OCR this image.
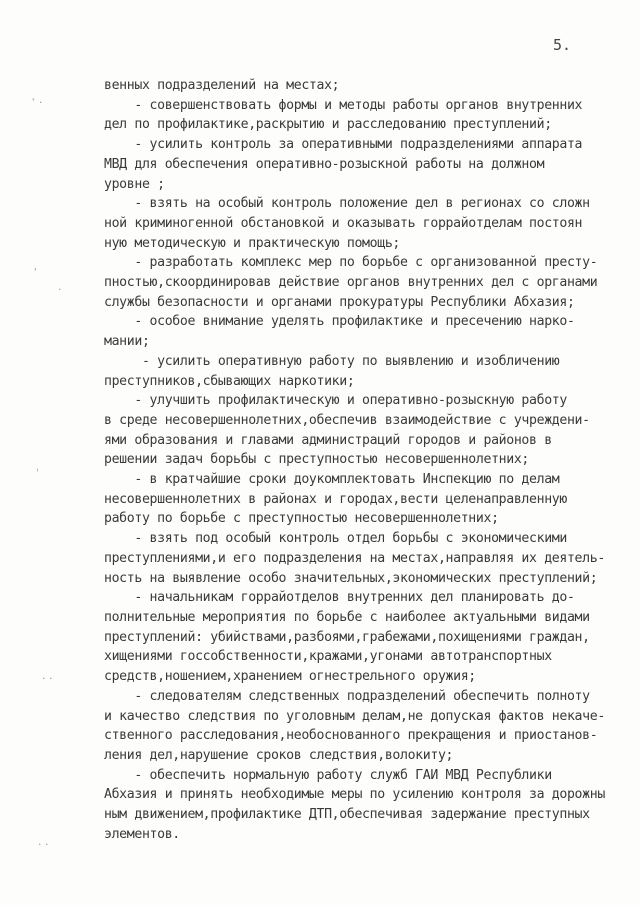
5.
ʿ ·
ʾ
·
ˌ
· ·
· ·
венных подразделений на местах;
- совершенствовать формы и методы работы органов внутренних
дел по профилактике,раскрытию и расследованию преступлений;
- усилить контроль за оперативными подразделениями аппарата
МВД для обеспечения оперативно-розыскной работы на должном
уровне ;
- взять на особый контроль положение дел в регионах со сложн
ной криминогенной обстановкой и оказывать горрайотделам постоян
ную методическую и практическую помощь;
- разработать комплекс мер по борьбе с организованной престу-
пностью,скоординировав действие органов внутренних дел с органами
службы безопасности и органами прокуратуры Республики Абхазия;
- особое внимание уделять профилактике и пресечению нарко-
мании;
- усилить оперативную работу по выявлению и изобличению
преступников,сбывающих наркотики;
- улучшить профилактическую и оперативно-розыскную работу
в среде несовершеннолетних,обеспечив взаимодействие с учреждени-
ями образования и главами администраций городов и районов в
решении задач борьбы с преступностью несовершеннолетних;
- в кратчайшие сроки доукомплектовать Инспекцию по делам
несовершеннолетних в районах и городах,вести целенаправленную
работу по борьбе с преступностью несовершеннолетних;
- взять под особый контроль отдел борьбы с экономическими
преступлениями,и его подразделения на местах,направляя их деятель-
ность на выявление особо значительных,экономических преступлений;
- начальникам горрайотделов внутренних дел планировать до-
полнительные мероприятия по борьбе с наиболее актуальными видами
преступлений: убийствами,разбоями,грабежами,похищениями граждан,
хищениями госсобственности,кражами,угонами автотранспортных
средств,ношением,хранением огнестрельного оружия;
- следователям следственных подразделений обеспечить полноту
и качество следствия по уголовным делам,не допуская фактов некаче-
ственного расследования,необоснованного прекращения и приостанов-
ления дел,нарушение сроков следствия,волокиту;
- обеспечить нормальную работу служб ГАИ МВД Республики
Абхазия и принять необходимые меры по усилению контроля за дорожны
ным движением,профилактике ДТП,обеспечивая задержание преступных
элементов.
